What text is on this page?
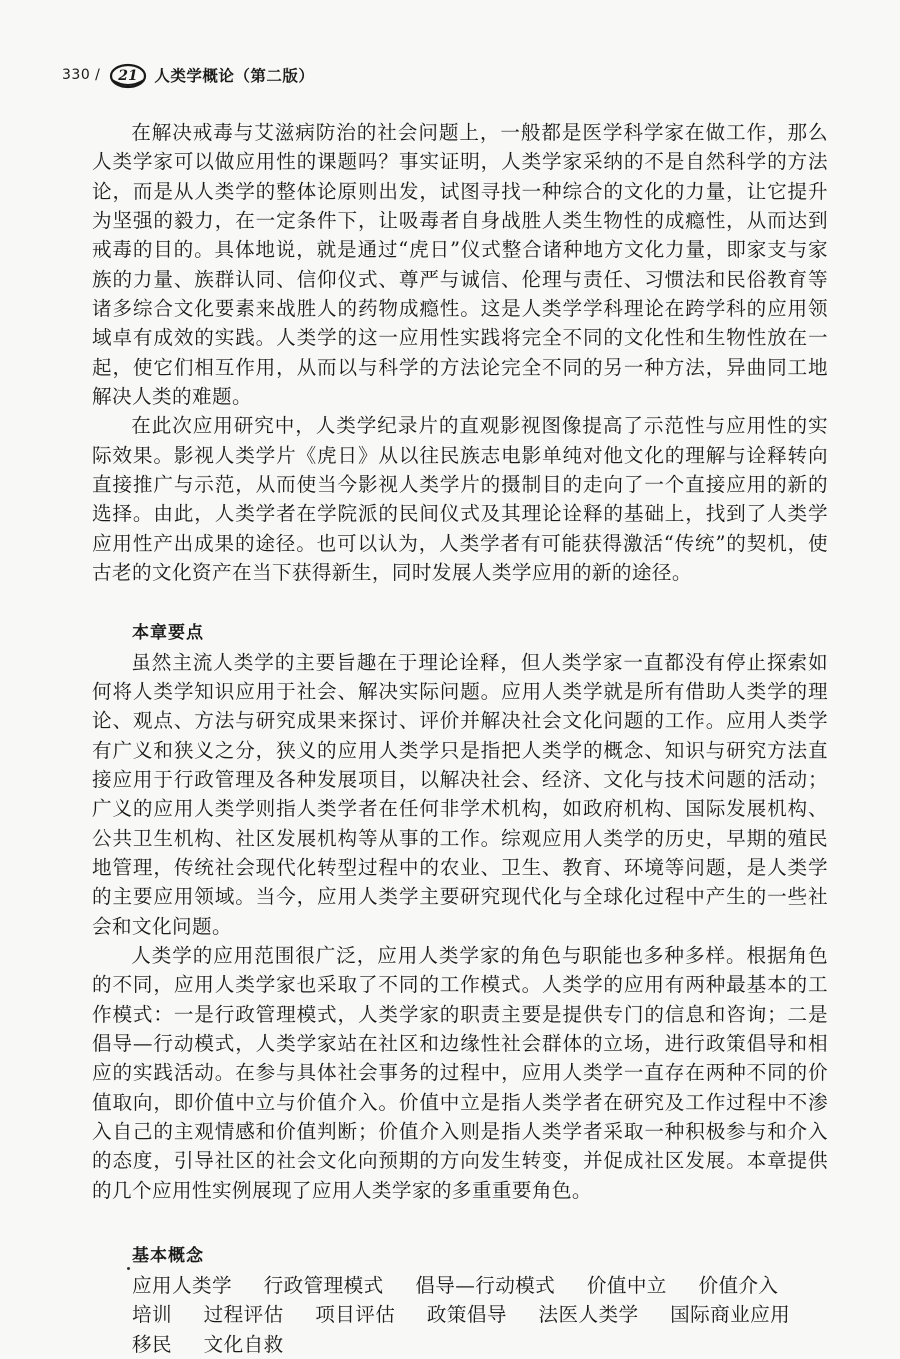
330 / 21 人类学概论（第二版）

在解决戒毒与艾滋病防治的社会问题上，一般都是医学科学家在做工作，那么人类学家可以做应用性的课题吗？事实证明，人类学家采纳的不是自然科学的方法论，而是从人类学的整体论原则出发，试图寻找一种综合的文化的力量，让它提升为坚强的毅力，在一定条件下，让吸毒者自身战胜人类生物性的成瘾性，从而达到戒毒的目的。具体地说，就是通过“虎日”仪式整合诸种地方文化力量，即家支与家族的力量、族群认同、信仰仪式、尊严与诚信、伦理与责任、习惯法和民俗教育等诸多综合文化要素来战胜人的药物成瘾性。这是人类学学科理论在跨学科的应用领域卓有成效的实践。人类学的这一应用性实践将完全不同的文化性和生物性放在一起，使它们相互作用，从而以与科学的方法论完全不同的另一种方法，异曲同工地解决人类的难题。

在此次应用研究中，人类学纪录片的直观影视图像提高了示范性与应用性的实际效果。影视人类学片《虎日》从以往民族志电影单纯对他文化的理解与诠释转向直接推广与示范，从而使当今影视人类学片的摄制目的走向了一个直接应用的新的选择。由此，人类学者在学院派的民间仪式及其理论诠释的基础上，找到了人类学应用性产出成果的途径。也可以认为，人类学者有可能获得激活“传统”的契机，使古老的文化资产在当下获得新生，同时发展人类学应用的新的途径。

本章要点

虽然主流人类学的主要旨趣在于理论诠释，但人类学家一直都没有停止探索如何将人类学知识应用于社会、解决实际问题。应用人类学就是所有借助人类学的理论、观点、方法与研究成果来探讨、评价并解决社会文化问题的工作。应用人类学有广义和狭义之分，狭义的应用人类学只是指把人类学的概念、知识与研究方法直接应用于行政管理及各种发展项目，以解决社会、经济、文化与技术问题的活动；广义的应用人类学则指人类学者在任何非学术机构，如政府机构、国际发展机构、公共卫生机构、社区发展机构等从事的工作。综观应用人类学的历史，早期的殖民地管理，传统社会现代化转型过程中的农业、卫生、教育、环境等问题，是人类学的主要应用领域。当今，应用人类学主要研究现代化与全球化过程中产生的一些社会和文化问题。

人类学的应用范围很广泛，应用人类学家的角色与职能也多种多样。根据角色的不同，应用人类学家也采取了不同的工作模式。人类学的应用有两种最基本的工作模式：一是行政管理模式，人类学家的职责主要是提供专门的信息和咨询；二是倡导—行动模式，人类学家站在社区和边缘性社会群体的立场，进行政策倡导和相应的实践活动。在参与具体社会事务的过程中，应用人类学一直存在两种不同的价值取向，即价值中立与价值介入。价值中立是指人类学者在研究及工作过程中不渗入自己的主观情感和价值判断；价值介入则是指人类学者采取一种积极参与和介入的态度，引导社区的社会文化向预期的方向发生转变，并促成社区发展。本章提供的几个应用性实例展现了应用人类学家的多重重要角色。

基本概念
应用人类学 行政管理模式 倡导—行动模式 价值中立 价值介入 培训 过程评估 项目评估 政策倡导 法医人类学 国际商业应用 移民 文化自救
